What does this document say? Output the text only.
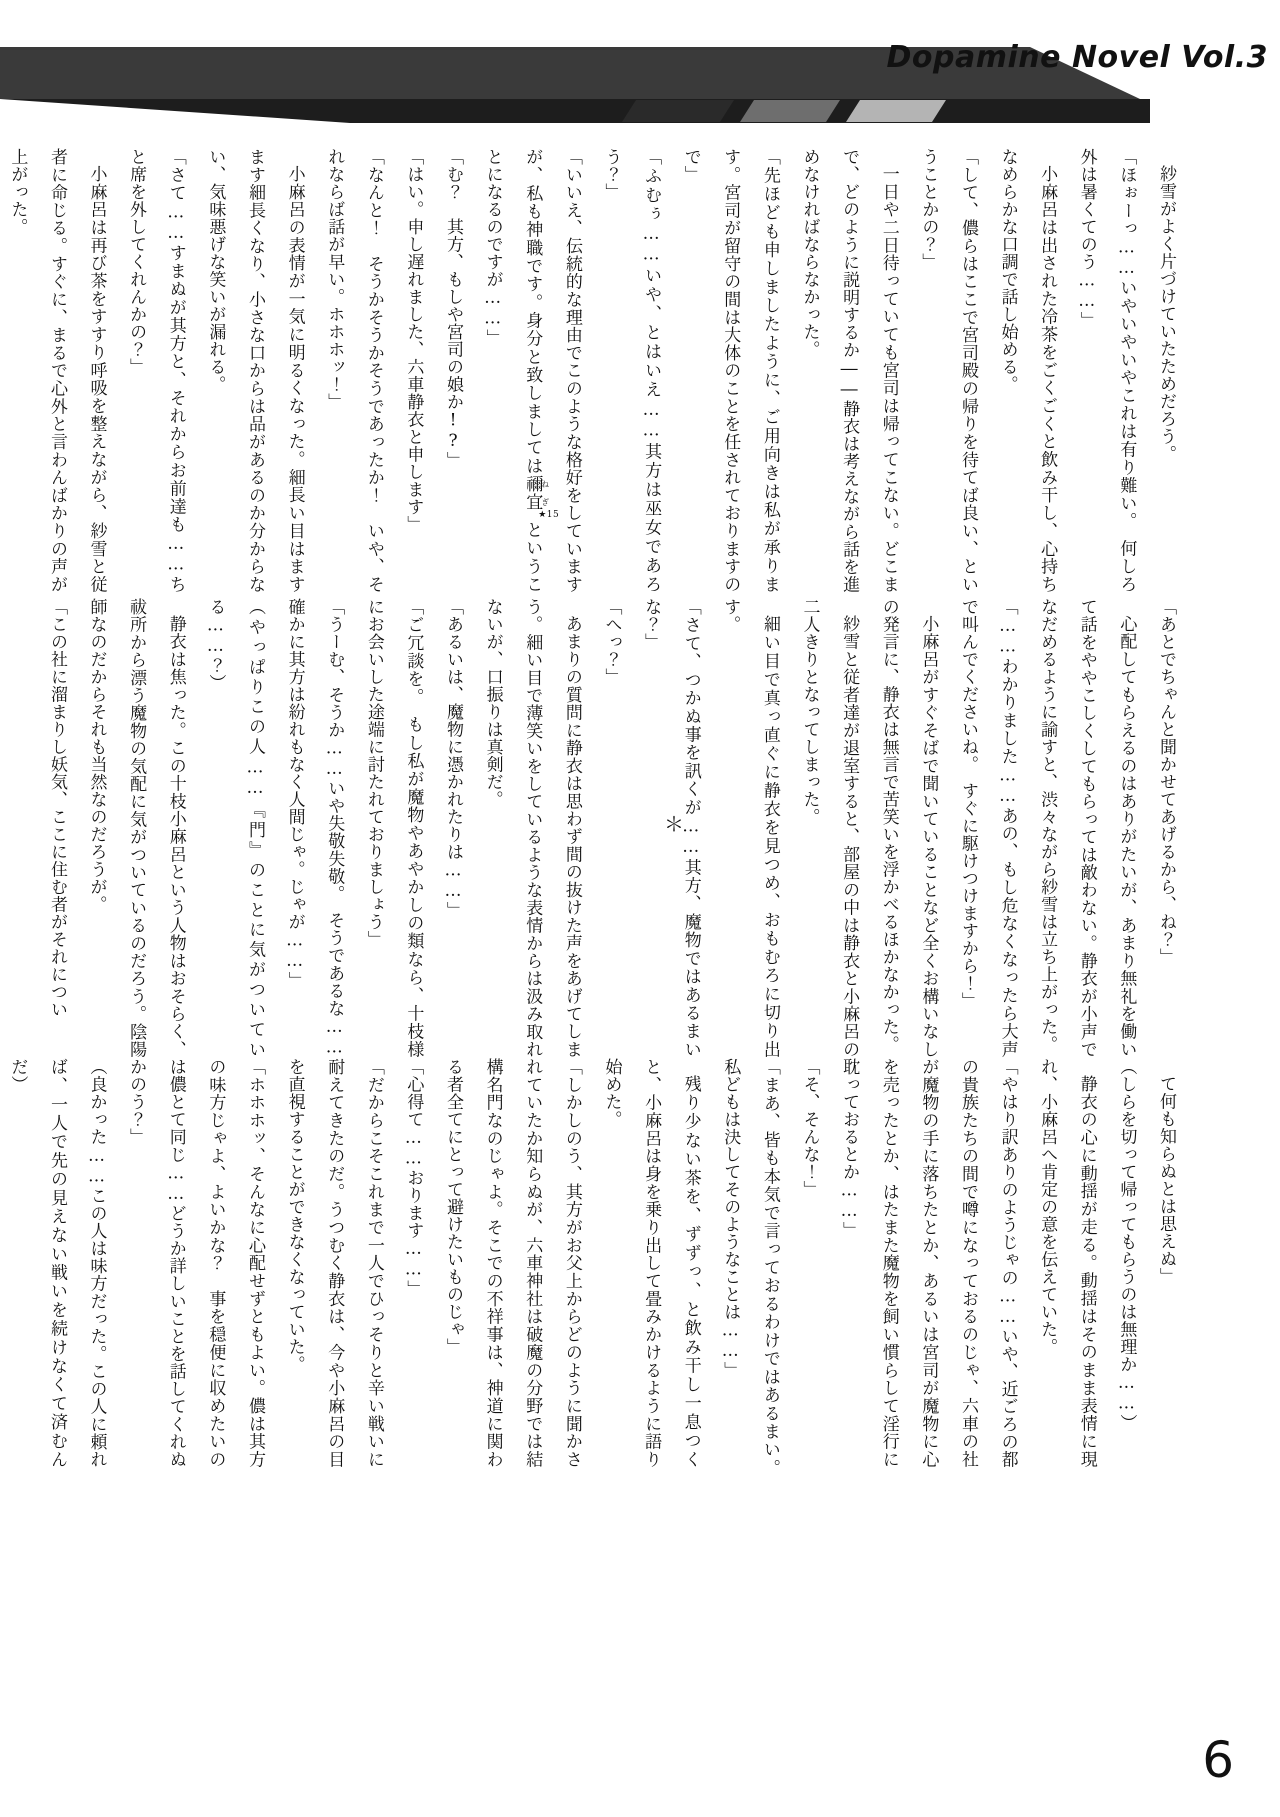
Dopamine Novel Vol.3

紗雪がよく片づけていたためだろう。

「ほぉーっ……いやいやいやこれは有り難い。　何しろ外は暑くてのう……」

小麻呂は出された冷茶をごくごくと飲み干し、心持ちなめらかな口調で話し始める。

「して、儂らはここで宮司殿の帰りを待てば良い、ということかの？」

一日や二日待っていても宮司は帰ってこない。どこまで、どのように説明するか――静衣は考えながら話を進めなければならなかった。

「先ほども申しましたように、ご用向きは私が承ります。宮司が留守の間は大体のことを任されておりますので」

「ふむぅ……いや、とはいえ……其方は巫女であろう？」

「いいえ、伝統的な理由でこのような格好をしていますが、私も神職です。身分と致しましては禰宜ねぎ★15ということになるのですが……」

「む？　其方、もしや宮司の娘か!?」

「はい。申し遅れました、六車静衣と申します」

「なんと！　そうかそうかそうであったか！　いや、それならば話が早い。ホホホッ！」

小麻呂の表情が一気に明るくなった。細長い目はますます細長くなり、小さな口からは品があるのか分からない、気味悪げな笑いが漏れる。

「さて……すまぬが其方と、それからお前達も……ち と席を外してくれんかの？」

小麻呂は再び茶をすすり呼吸を整えながら、紗雪と従者に命じる。すぐに、まるで心外と言わんばかりの声が上がった。

「あとでちゃんと聞かせてあげるから、ね？」

心配してもらえるのはありがたいが、あまり無礼を働いて話をややこしくしてもらっては敵わない。静衣が小声でなだめるように諭すと、渋々ながら紗雪は立ち上がった。

「……わかりました……あの、もし危なくなったら大声で叫んでくださいね。　すぐに駆けつけますから！」

小麻呂がすぐそばで聞いていることなど全くお構いなしの発言に、静衣は無言で苦笑いを浮かべるほかなかった。

紗雪と従者達が退室すると、部屋の中は静衣と小麻呂の二人きりとなってしまった。

細い目で真っ直ぐに静衣を見つめ、おもむろに切り出す。

「さて、つかぬ事を訊くが……其方、魔物ではあるまいな？」

「へっ？」

あまりの質問に静衣は思わず間の抜けた声をあげてしまう。細い目で薄笑いをしているような表情からは汲み取れないが、口振りは真剣だ。

「あるいは、魔物に憑かれたりは……」

「ご冗談を。　もし私が魔物やあやかしの類なら、十枝様にお会いした途端に討たれておりましょう」

「うーむ、そうか……いや失敬失敬。　そうであるな……確かに其方は紛れもなく人間じゃ。じゃが……」

（やっぱりこの人……『門』のことに気がついている……？）

静衣は焦った。この十枝小麻呂という人物はおそらく、祓所から漂う魔物の気配に気がついているのだろう。陰陽師なのだからそれも当然なのだろうが。

「この社に溜まりし妖気、ここに住む者がそれについ

て何も知らぬとは思えぬ」

（しらを切って帰ってもらうのは無理か……）

静衣の心に動揺が走る。動揺はそのまま表情に現れ、小麻呂へ肯定の意を伝えていた。

「やはり訳ありのようじゃの……いや、近ごろの都の貴族たちの間で噂になっておるのじゃ、六車の社が魔物の手に落ちたとか、あるいは宮司が魔物に心を売ったとか、はたまた魔物を飼い慣らして淫行に耽っておるとか……」

「そ、そんな！」

「まあ、皆も本気で言っておるわけではあるまい。　私どもは決してそのようなことは……」

残り少ない茶を、ずずっ、と飲み干し一息つくと、小麻呂は身を乗り出して畳みかけるように語り始めた。

「しかしのう、其方がお父上からどのように聞かされていたか知らぬが、六車神社は破魔の分野では結構名門なのじゃよ。そこでの不祥事は、神道に関わる者全てにとって避けたいものじゃ」

「心得て……おります……」

「だからこそこれまで一人でひっそりと辛い戦いに耐えてきたのだ。うつむく静衣は、今や小麻呂の目を直視することができなくなっていた。

「ホホホッ、そんなに心配せずともよい。儂は其方の味方じゃよ、よいかな？　事を穏便に収めたいのは儂とて同じ……どうか詳しいことを話してくれぬかのう？」

（良かった……この人は味方だった。この人に頼れば、一人で先の見えない戦いを続けなくて済むんだ）

＊
6
